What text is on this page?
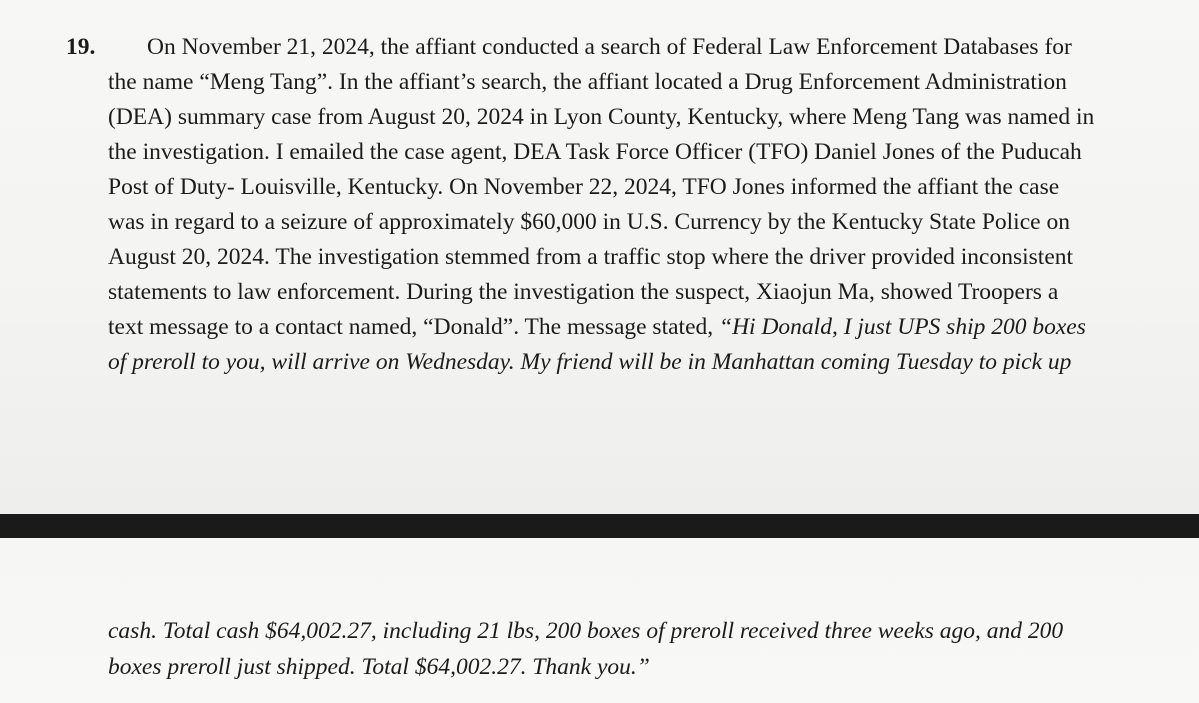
19. On November 21, 2024, the affiant conducted a search of Federal Law Enforcement Databases for
the name “Meng Tang”. In the affiant’s search, the affiant located a Drug Enforcement Administration
(DEA) summary case from August 20, 2024 in Lyon County, Kentucky, where Meng Tang was named in
the investigation. I emailed the case agent, DEA Task Force Officer (TFO) Daniel Jones of the Puducah
Post of Duty- Louisville, Kentucky. On November 22, 2024, TFO Jones informed the affiant the case
was in regard to a seizure of approximately $60,000 in U.S. Currency by the Kentucky State Police on
August 20, 2024. The investigation stemmed from a traffic stop where the driver provided inconsistent
statements to law enforcement. During the investigation the suspect, Xiaojun Ma, showed Troopers a
text message to a contact named, “Donald”. The message stated, “Hi Donald, I just UPS ship 200 boxes
of preroll to you, will arrive on Wednesday. My friend will be in Manhattan coming Tuesday to pick up
cash. Total cash $64,002.27, including 21 lbs, 200 boxes of preroll received three weeks ago, and 200
boxes preroll just shipped. Total $64,002.27. Thank you.”
